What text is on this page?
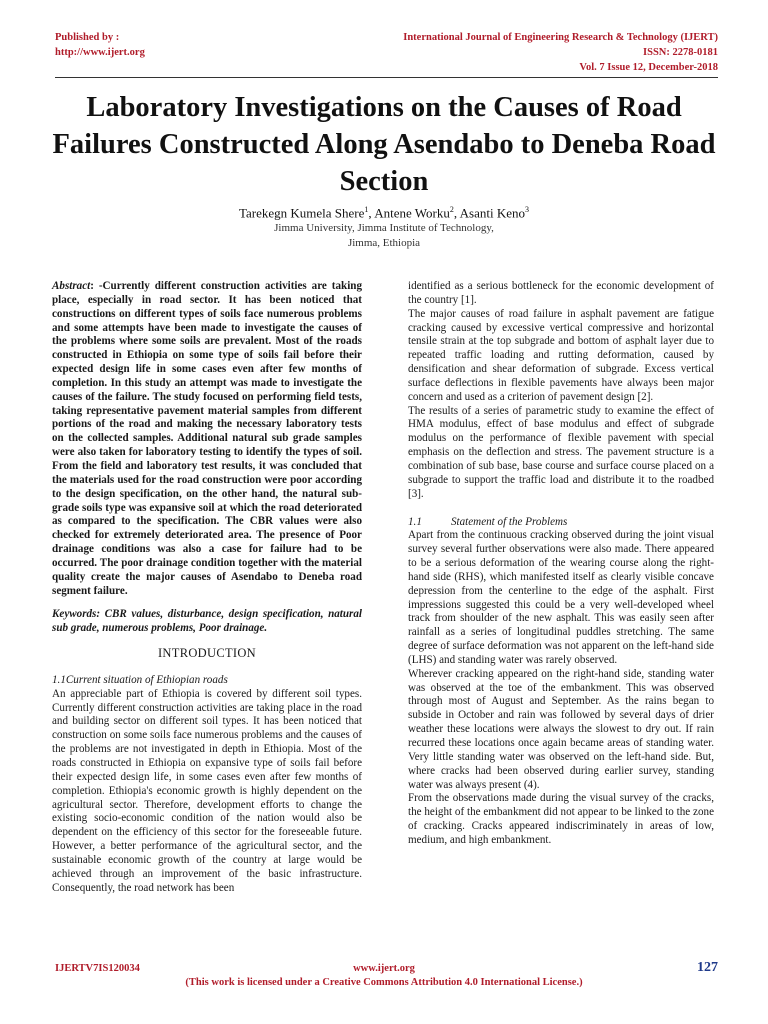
Published by :
http://www.ijert.org
International Journal of Engineering Research & Technology (IJERT)
ISSN: 2278-0181
Vol. 7 Issue 12, December-2018
Laboratory Investigations on the Causes of Road Failures Constructed Along Asendabo to Deneba Road Section
Tarekegn Kumela Shere$^1$, Antene Worku$^2$, Asanti Keno$^3$
Jimma University, Jimma Institute of Technology,
Jimma, Ethiopia

Abstract: -Currently different construction activities are taking place, especially in road sector. It has been noticed that constructions on different types of soils face numerous problems and some attempts have been made to investigate the causes of the problems where some soils are prevalent. Most of the roads constructed in Ethiopia on some type of soils fail before their expected design life in some cases even after few months of completion. In this study an attempt was made to investigate the causes of the failure. The study focused on performing field tests, taking representative pavement material samples from different portions of the road and making the necessary laboratory tests on the collected samples. Additional natural sub grade samples were also taken for laboratory testing to identify the types of soil. From the field and laboratory test results, it was concluded that the materials used for the road construction were poor according to the design specification, on the other hand, the natural sub-grade soils type was expansive soil at which the road deteriorated as compared to the specification. The CBR values were also checked for extremely deteriorated area. The presence of Poor drainage conditions was also a case for failure had to be occurred. The poor drainage condition together with the material quality create the major causes of Asendabo to Deneba road segment failure.

Keywords: CBR values, disturbance, design specification, natural sub grade, numerous problems, Poor drainage.

INTRODUCTION

1.1Current situation of Ethiopian roads

An appreciable part of Ethiopia is covered by different soil types. Currently different construction activities are taking place in the road and building sector on different soil types. It has been noticed that construction on some soils face numerous problems and the causes of the problems are not investigated in depth in Ethiopia. Most of the roads constructed in Ethiopia on expansive type of soils fail before their expected design life, in some cases even after few months of completion. Ethiopia's economic growth is highly dependent on the agricultural sector. Therefore, development efforts to change the existing socio-economic condition of the nation would also be dependent on the efficiency of this sector for the foreseeable future. However, a better performance of the agricultural sector, and the sustainable economic growth of the country at large would be achieved through an improvement of the basic infrastructure. Consequently, the road network has been

identified as a serious bottleneck for the economic development of the country [1].

The major causes of road failure in asphalt pavement are fatigue cracking caused by excessive vertical compressive and horizontal tensile strain at the top subgrade and bottom of asphalt layer due to repeated traffic loading and rutting deformation, caused by densification and shear deformation of subgrade. Excess vertical surface deflections in flexible pavements have always been major concern and used as a criterion of pavement design [2].

The results of a series of parametric study to examine the effect of HMA modulus, effect of base modulus and effect of subgrade modulus on the performance of flexible pavement with special emphasis on the deflection and stress. The pavement structure is a combination of sub base, base course and surface course placed on a subgrade to support the traffic load and distribute it to the roadbed [3].

1.1	Statement of the Problems

Apart from the continuous cracking observed during the joint visual survey several further observations were also made. There appeared to be a serious deformation of the wearing course along the right-hand side (RHS), which manifested itself as clearly visible concave depression from the centerline to the edge of the asphalt. First impressions suggested this could be a very well-developed wheel track from shoulder of the new asphalt. This was easily seen after rainfall as a series of longitudinal puddles stretching. The same degree of surface deformation was not apparent on the left-hand side (LHS) and standing water was rarely observed.

Wherever cracking appeared on the right-hand side, standing water was observed at the toe of the embankment. This was observed through most of August and September. As the rains began to subside in October and rain was followed by several days of drier weather these locations were always the slowest to dry out. If rain recurred these locations once again became areas of standing water. Very little standing water was observed on the left-hand side. But, where cracks had been observed during earlier survey, standing water was always present (4).

From the observations made during the visual survey of the cracks, the height of the embankment did not appear to be linked to the zone of cracking. Cracks appeared indiscriminately in areas of low, medium, and high embankment.

IJERTV7IS120034	www.ijert.org
(This work is licensed under a Creative Commons Attribution 4.0 International License.)
127
